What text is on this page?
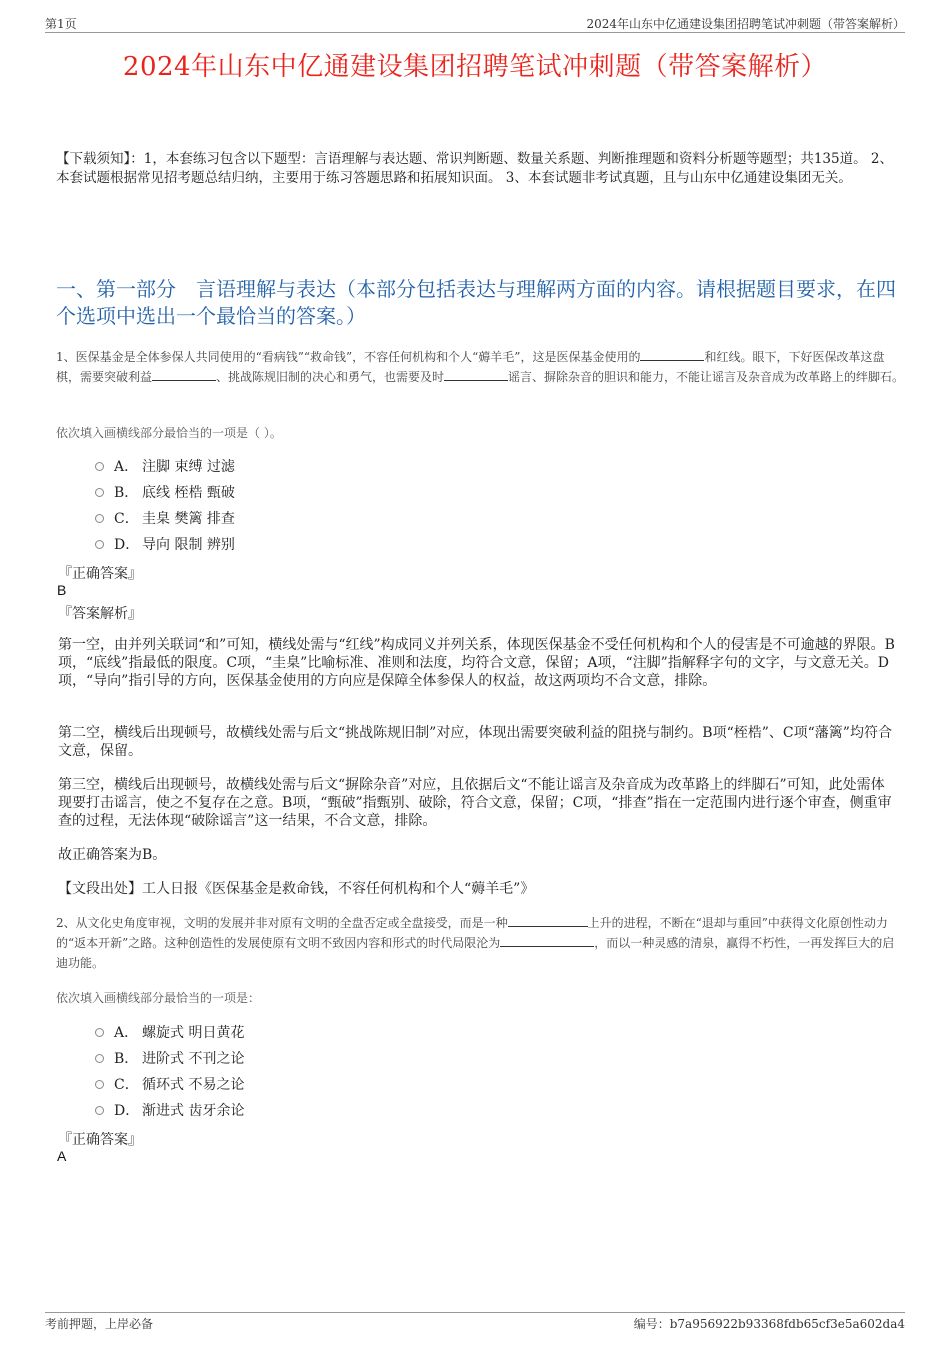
第1页	2024年山东中亿通建设集团招聘笔试冲刺题（带答案解析）
2024年山东中亿通建设集团招聘笔试冲刺题（带答案解析）
【下载须知】：1，本套练习包含以下题型：言语理解与表达题、常识判断题、数量关系题、判断推理题和资料分析题等题型；共135道。 2、本套试题根据常见招考题总结归纳，主要用于练习答题思路和拓展知识面。 3、本套试题非考试真题，且与山东中亿通建设集团无关。
一、第一部分　言语理解与表达（本部分包括表达与理解两方面的内容。请根据题目要求，在四个选项中选出一个最恰当的答案。）
1、医保基金是全体参保人共同使用的“看病钱”“救命钱”，不容任何机构和个人“薅羊毛”，这是医保基金使用的	和红线。眼下，下好医保改革这盘棋，需要突破利益	、挑战陈规旧制的决心和勇气，也需要及时	谣言、摒除杂音的胆识和能力，不能让谣言及杂音成为改革路上的绊脚石。
依次填入画横线部分最恰当的一项是（ ）。
A． 注脚 束缚 过滤
B． 底线 桎梏 甄破
C． 圭臬 樊篱 排查
D． 导向 限制 辨别
『正确答案』
B
『答案解析』
第一空，由并列关联词“和”可知，横线处需与“红线”构成同义并列关系，体现医保基金不受任何机构和个人的侵害是不可逾越的界限。B项，“底线”指最低的限度。C项，“圭臬”比喻标准、准则和法度，均符合文意，保留；A项，“注脚”指解释字句的文字，与文意无关。D项，“导向”指引导的方向，医保基金使用的方向应是保障全体参保人的权益，故这两项均不合文意，排除。
第二空，横线后出现顿号，故横线处需与后文“挑战陈规旧制”对应，体现出需要突破利益的阻挠与制约。B项“桎梏”、C项“藩篱”均符合文意，保留。
第三空，横线后出现顿号，故横线处需与后文“摒除杂音”对应，且依据后文“不能让谣言及杂音成为改革路上的绊脚石”可知，此处需体现要打击谣言，使之不复存在之意。B项，“甄破”指甄别、破除，符合文意，保留；C项，“排查”指在一定范围内进行逐个审查，侧重审查的过程，无法体现“破除谣言”这一结果，不合文意，排除。
故正确答案为B。
【文段出处】工人日报《医保基金是救命钱，不容任何机构和个人“薅羊毛”》
2、从文化史角度审视，文明的发展并非对原有文明的全盘否定或全盘接受，而是一种	上升的进程，不断在“退却与重回”中获得文化原创性动力的“返本开新”之路。这种创造性的发展使原有文明不致因内容和形式的时代局限沦为	，而以一种灵感的清泉，赢得不朽性，一再发挥巨大的启迪功能。
依次填入画横线部分最恰当的一项是：
A． 螺旋式 明日黄花
B． 进阶式 不刊之论
C． 循环式 不易之论
D． 渐进式 齿牙余论
『正确答案』
A
考前押题，上岸必备	编号：b7a956922b93368fdb65cf3e5a602da4
